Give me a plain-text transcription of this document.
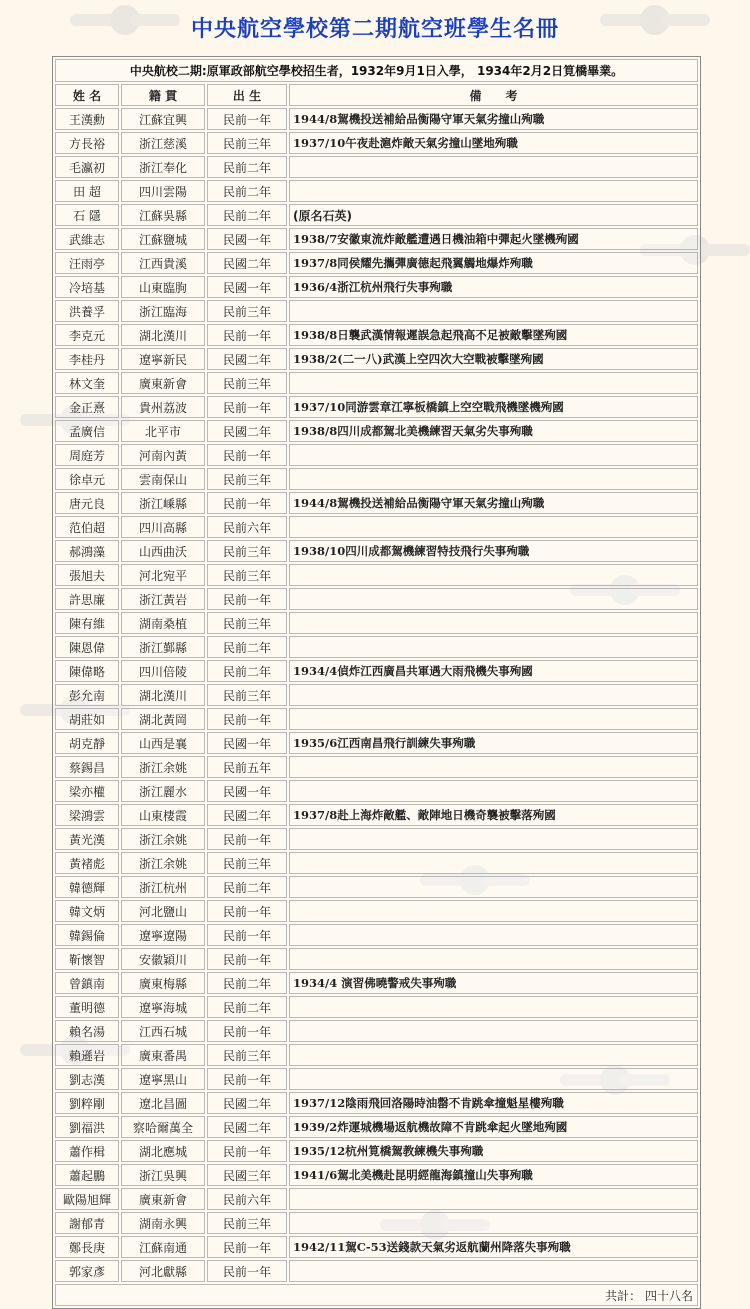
中央航空學校第二期航空班學生名冊
中央航校二期:原軍政部航空學校招生者，1932年9月1日入學， 1934年2月2日筧橋畢業。			
姓 名	籍 貫	出 生	備　　考
王漢勳	江蘇宜興	民前一年	1944/8駕機投送補給品衡陽守軍天氣劣撞山殉職
方長裕	浙江慈溪	民前三年	1937/10午夜赴滬炸敵天氣劣撞山墜地殉職
毛瀛初	浙江奉化	民前二年	
田 超	四川雲陽	民前二年	
石 隱	江蘇吳縣	民前二年	(原名石英)
武維志	江蘇鹽城	民國一年	1938/7安徽東流炸敵艦遭遇日機油箱中彈起火墜機殉國
汪雨亭	江西貴溪	民國二年	1937/8同侯耀先攜彈廣德起飛翼觸地爆炸殉職
冷培基	山東臨朐	民國一年	1936/4浙江杭州飛行失事殉職
洪養孚	浙江臨海	民前三年	
李克元	湖北漢川	民前一年	1938/8日襲武漢情報遲誤急起飛高不足被敵擊墜殉國
李桂丹	遼寧新民	民國二年	1938/2(二一八)武漢上空四次大空戰被擊墜殉國
林文奎	廣東新會	民前三年	
金正熹	貴州荔波	民前一年	1937/10同游雲章江寧板橋鎮上空空戰飛機墜機殉國
孟廣信	北平市	民國二年	1938/8四川成都駕北美機練習天氣劣失事殉職
周庭芳	河南內黃	民前一年	
徐卓元	雲南保山	民前三年	
唐元良	浙江嵊縣	民前一年	1944/8駕機投送補給品衡陽守軍天氣劣撞山殉職
范伯超	四川高縣	民前六年	
郝鴻藻	山西曲沃	民前三年	1938/10四川成都駕機練習特技飛行失事殉職
張旭夫	河北宛平	民前三年	
許思廉	浙江黃岩	民前一年	
陳有維	湖南桑植	民前三年	
陳恩偉	浙江鄞縣	民前二年	
陳偉略	四川倍陵	民前二年	1934/4偵炸江西廣昌共軍遇大雨飛機失事殉國
彭允南	湖北漢川	民前三年	
胡莊如	湖北黃岡	民前一年	
胡克靜	山西是襄	民國一年	1935/6江西南昌飛行訓練失事殉職
蔡錫昌	浙江余姚	民前五年	
梁亦權	浙江麗水	民國一年	
梁鴻雲	山東棲霞	民國二年	1937/8赴上海炸敵艦、敵陣地日機奇襲被擊落殉國
黃光漢	浙江余姚	民前一年	
黃褚彪	浙江余姚	民前三年	
韓德輝	浙江杭州	民前二年	
韓文炳	河北鹽山	民前一年	
韓錫倫	遼寧遼陽	民前一年	
靳懷智	安徽穎川	民前一年	
曾鎮南	廣東梅縣	民前二年	1934/4 演習佛曉警戒失事殉職
董明德	遼寧海城	民前二年	
賴名湯	江西石城	民前一年	
賴遜岩	廣東番禺	民前三年	
劉志漢	遼寧黑山	民前一年	
劉粹剛	遼北昌圖	民國二年	1937/12陰雨飛回洛陽時油罄不肯跳傘撞魁星樓殉職
劉福洪	察哈爾萬全	民國二年	1939/2炸運城機場返航機故障不肯跳傘起火墜地殉國
蕭作楫	湖北應城	民前一年	1935/12杭州筧橋駕教練機失事殉職
蕭起鵬	浙江吳興	民國三年	1941/6駕北美機赴昆明經龍海鎮撞山失事殉職
歐陽旭輝	廣東新會	民前六年	
謝郁青	湖南永興	民前三年	
鄭長庚	江蘇南通	民前一年	1942/11駕C-53送錢款天氣劣返航蘭州降落失事殉職
郭家彥	河北獻縣	民前一年	
共計： 四十八名			
